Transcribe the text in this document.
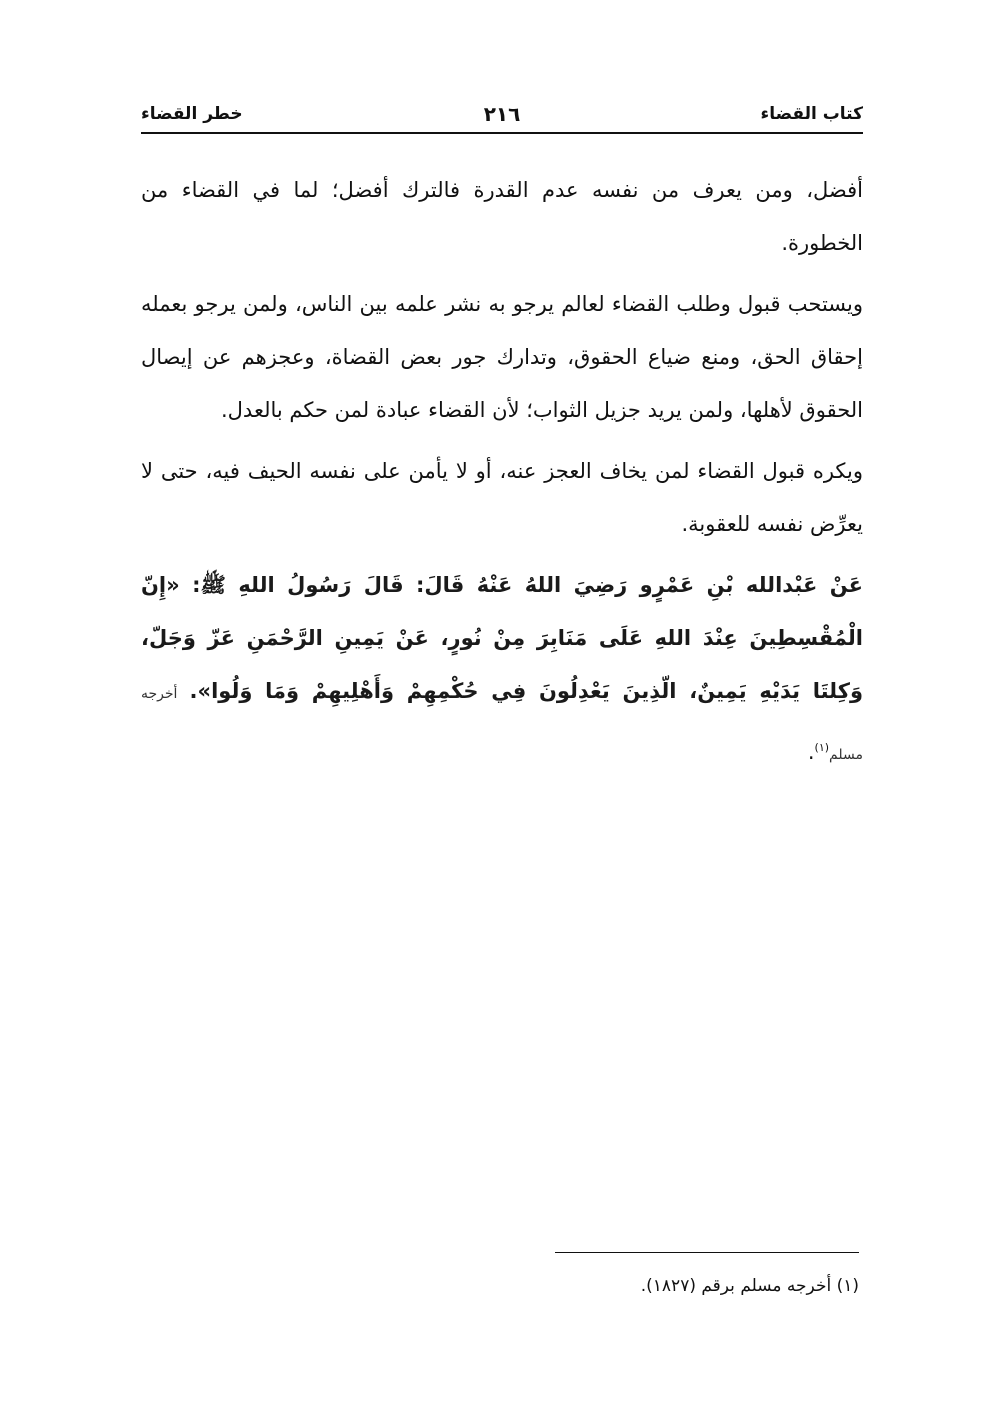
كتاب القضاء
٢١٦
خطر القضاء

أفضل، ومن يعرف من نفسه عدم القدرة فالترك أفضل؛ لما في القضاء من الخطورة.

ويستحب قبول وطلب القضاء لعالم يرجو به نشر علمه بين الناس، ولمن يرجو بعمله إحقاق الحق، ومنع ضياع الحقوق، وتدارك جور بعض القضاة، وعجزهم عن إيصال الحقوق لأهلها، ولمن يريد جزيل الثواب؛ لأن القضاء عبادة لمن حكم بالعدل.

ويكره قبول القضاء لمن يخاف العجز عنه، أو لا يأمن على نفسه الحيف فيه، حتى لا يعرِّض نفسه للعقوبة.

عَنْ عَبْدالله بْنِ عَمْرٍو رَضِيَ اللهُ عَنْهُ قَالَ: قَالَ رَسُولُ اللهِ ﷺ: «إِنّ الْمُقْسِطِينَ عِنْدَ اللهِ عَلَى مَنَابِرَ مِنْ نُورٍ، عَنْ يَمِينِ الرَّحْمَنِ عَزّ وَجَلّ، وَكِلتَا يَدَيْهِ يَمِينٌ، الّذِينَ يَعْدِلُونَ فِي حُكْمِهِمْ وَأَهْلِيهِمْ وَمَا وَلُوا». أخرجه مسلم$^{(١)}$.

(١) أخرجه مسلم برقم (١٨٢٧).
